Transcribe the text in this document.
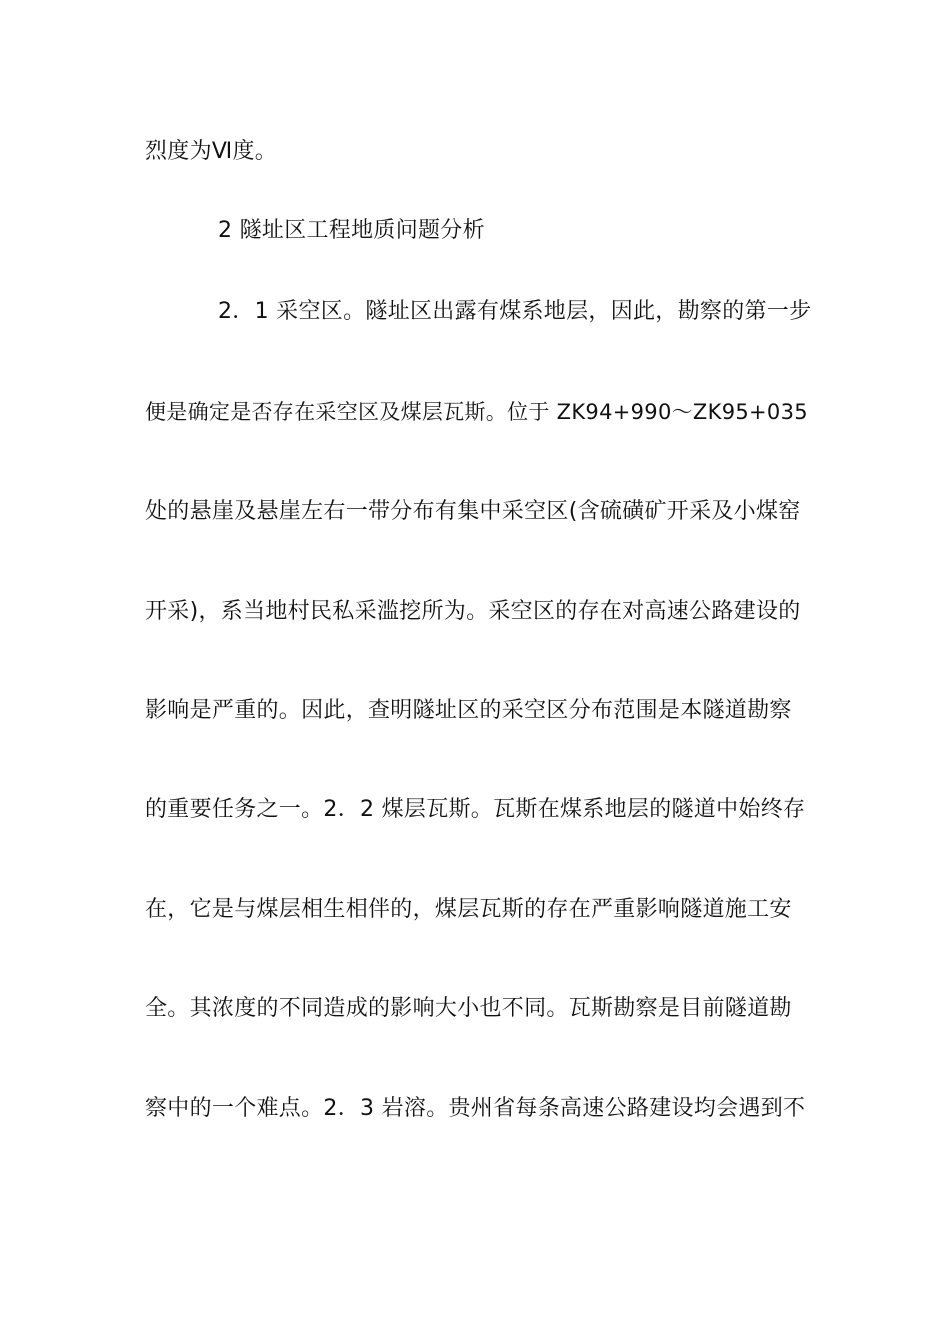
烈度为Ⅵ度。
2 隧址区工程地质问题分析
2．1 采空区。隧址区出露有煤系地层，因此，勘察的第一步
便是确定是否存在采空区及煤层瓦斯。位于 ZK94+990～ZK95+035
处的悬崖及悬崖左右一带分布有集中采空区(含硫磺矿开采及小煤窑
开采)，系当地村民私采滥挖所为。采空区的存在对高速公路建设的
影响是严重的。因此，查明隧址区的采空区分布范围是本隧道勘察
的重要任务之一。2．2 煤层瓦斯。瓦斯在煤系地层的隧道中始终存
在，它是与煤层相生相伴的，煤层瓦斯的存在严重影响隧道施工安
全。其浓度的不同造成的影响大小也不同。瓦斯勘察是目前隧道勘
察中的一个难点。2．3 岩溶。贵州省每条高速公路建设均会遇到不
